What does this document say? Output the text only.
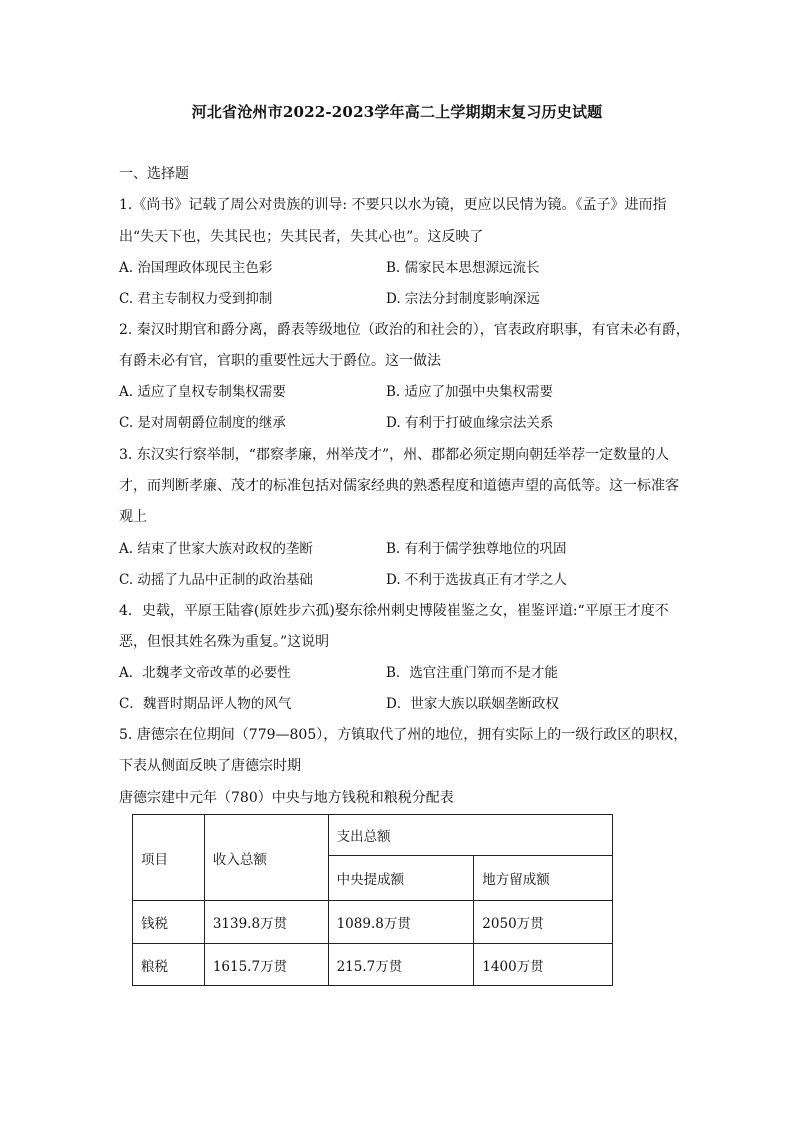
河北省沧州市2022-2023学年高二上学期期末复习历史试题
一、选择题
1.《尚书》记载了周公对贵族的训导: 不要只以水为镜，更应以民情为镜。《孟子》进而指
出“失天下也，失其民也；失其民者，失其心也”。这反映了
A. 治国理政体现民主色彩	B. 儒家民本思想源远流长
C. 君主专制权力受到抑制	D. 宗法分封制度影响深远
2. 秦汉时期官和爵分离，爵表等级地位（政治的和社会的），官表政府职事，有官未必有爵，
有爵未必有官，官职的重要性远大于爵位。这一做法
A. 适应了皇权专制集权需要	B. 适应了加强中央集权需要
C. 是对周朝爵位制度的继承	D. 有利于打破血缘宗法关系
3. 东汉实行察举制，“郡察孝廉，州举茂才”，州、郡都必须定期向朝廷举荐一定数量的人
才，而判断孝廉、茂才的标准包括对儒家经典的熟悉程度和道德声望的高低等。这一标准客
观上
A. 结束了世家大族对政权的垄断	B. 有利于儒学独尊地位的巩固
C. 动摇了九品中正制的政治基础	D. 不利于选拔真正有才学之人
4．史载，平原王陆睿(原姓步六孤)娶东徐州刺史博陵崔鉴之女，崔鉴评道:“平原王才度不
恶，但恨其姓名殊为重复。”这说明
A．北魏孝文帝改革的必要性	B．选官注重门第而不是才能
C．魏晋时期品评人物的风气	D．世家大族以联姻垄断政权
5. 唐德宗在位期间（779—805），方镇取代了州的地位，拥有实际上的一级行政区的职权，
下表从侧面反映了唐德宗时期
唐德宗建中元年（780）中央与地方钱税和粮税分配表
项目	收入总额	支出总额	
		中央提成额	地方留成额
钱税	3139.8万贯	1089.8万贯	2050万贯
粮税	1615.7万贯	215.7万贯	1400万贯
